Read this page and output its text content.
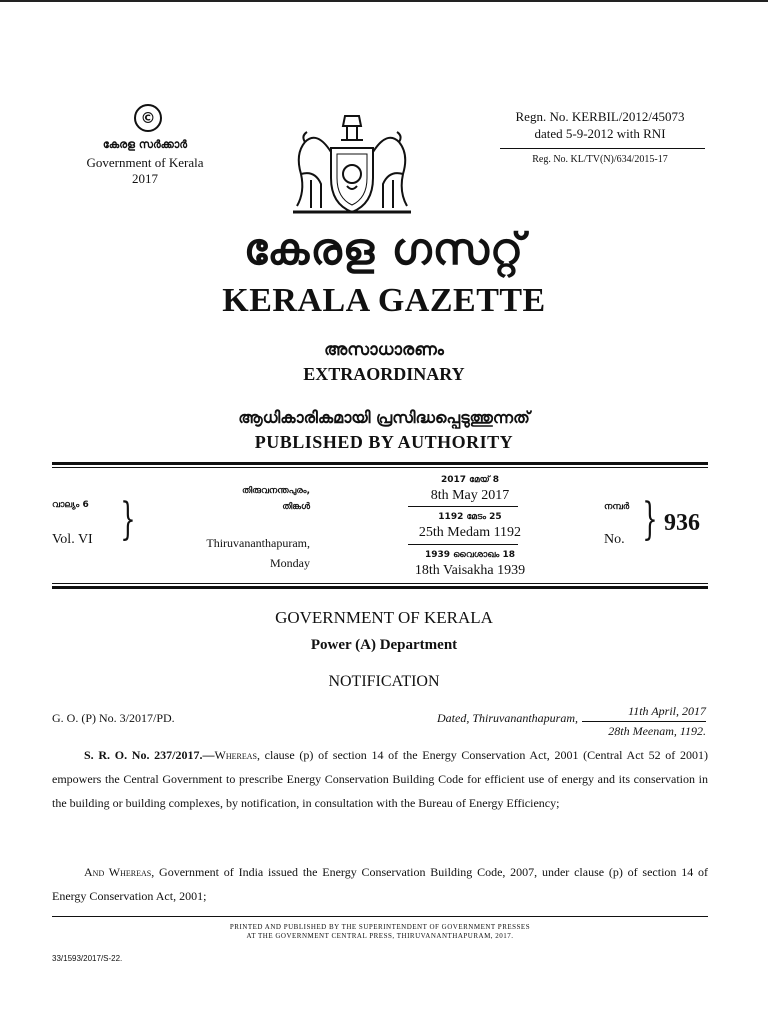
©
കേരള സർക്കാർ
Government of Kerala
2017
Regn. No. KERBIL/2012/45073
dated 5-9-2012 with RNI
Reg. No. KL/TV(N)/634/2015-17
കേരള ഗസറ്റ്
KERALA GAZETTE
അസാധാരണം
EXTRAORDINARY
ആധികാരികമായി പ്രസിദ്ധപ്പെടുത്തുന്നത്
PUBLISHED BY AUTHORITY
വാല്യം 6
Vol. VI }
തിരുവനന്തപുരം,
തിങ്കൾ
Thiruvananthapuram,
Monday
2017 മേയ് 8
8th May 2017
1192 മേടം 25
25th Medam 1192
1939 വൈശാഖം 18
18th Vaisakha 1939
നമ്പർ
No. } 936
GOVERNMENT OF KERALA
Power (A) Department
NOTIFICATION
G. O. (P) No. 3/2017/PD.	Dated, Thiruvananthapuram,	11th April, 2017
28th Meenam, 1192.
S. R. O. No. 237/2017.—Whereas, clause (p) of section 14 of the Energy Conservation Act, 2001 (Central Act 52 of 2001) empowers the Central Government to prescribe Energy Conservation Building Code for efficient use of energy and its conservation in the building or building complexes, by notification, in consultation with the Bureau of Energy Efficiency;
And Whereas, Government of India issued the Energy Conservation Building Code, 2007, under clause (p) of section 14 of Energy Conservation Act, 2001;
PRINTED AND PUBLISHED BY THE SUPERINTENDENT OF GOVERNMENT PRESSES
AT THE GOVERNMENT CENTRAL PRESS, THIRUVANANTHAPURAM, 2017.
33/1593/2017/S-22.
